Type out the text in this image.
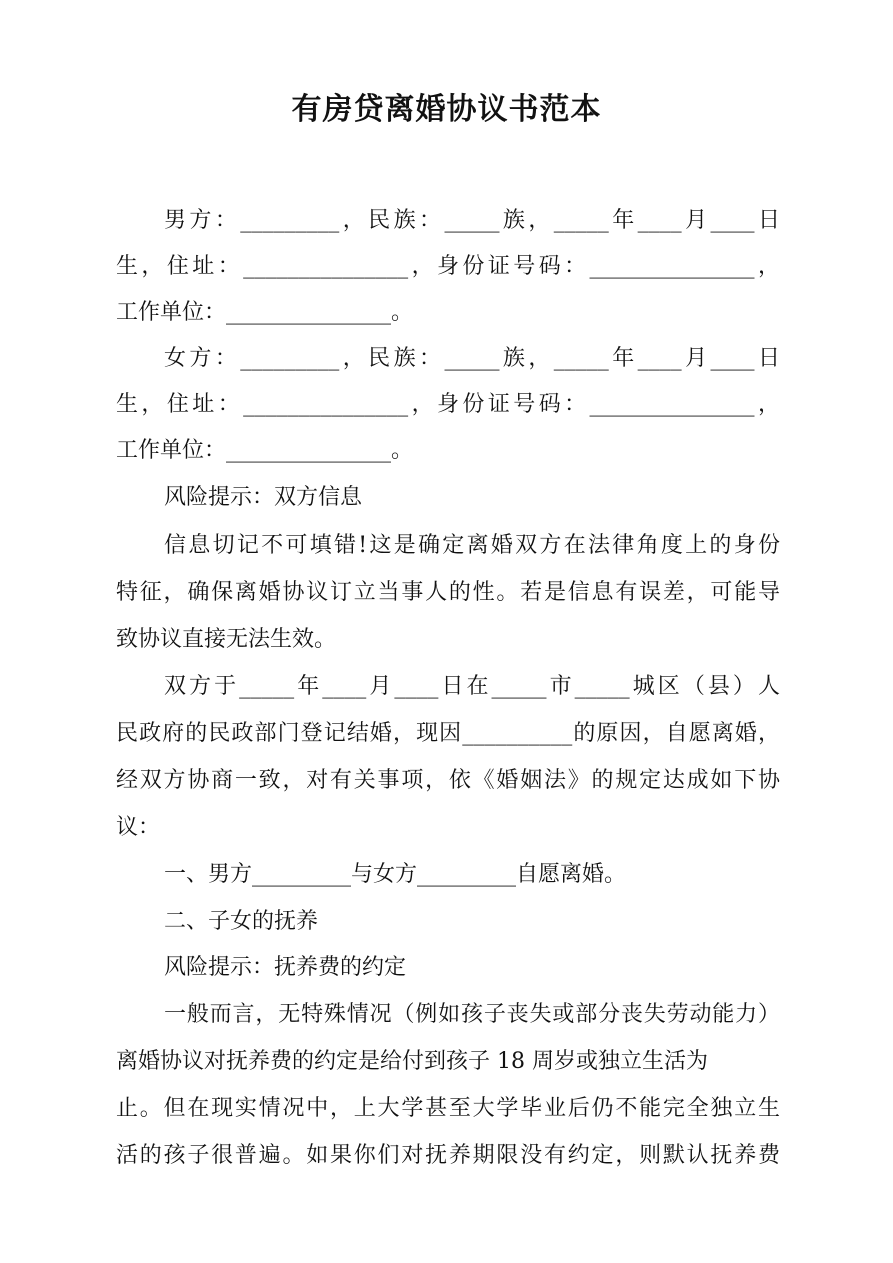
有房贷离婚协议书范本

男方：_________，民族：_____族，_____年____月____日

生，住址：_______________，身份证号码：_______________，

工作单位：_______________。

女方：_________，民族：_____族，_____年____月____日

生，住址：_______________，身份证号码：_______________，

工作单位：_______________。

风险提示：双方信息

信息切记不可填错!这是确定离婚双方在法律角度上的身份

特征，确保离婚协议订立当事人的性。若是信息有误差，可能导

致协议直接无法生效。

双方于_____年____月____日在_____市_____城区（县）人

民政府的民政部门登记结婚，现因__________的原因，自愿离婚，

经双方协商一致，对有关事项，依《婚姻法》的规定达成如下协

议：

一、男方_________与女方_________自愿离婚。

二、子女的抚养

风险提示：抚养费的约定

一般而言，无特殊情况（例如孩子丧失或部分丧失劳动能力）

离婚协议对抚养费的约定是给付到孩子 18 周岁或独立生活为

止。但在现实情况中，上大学甚至大学毕业后仍不能完全独立生

活的孩子很普遍。如果你们对抚养期限没有约定，则默认抚养费
